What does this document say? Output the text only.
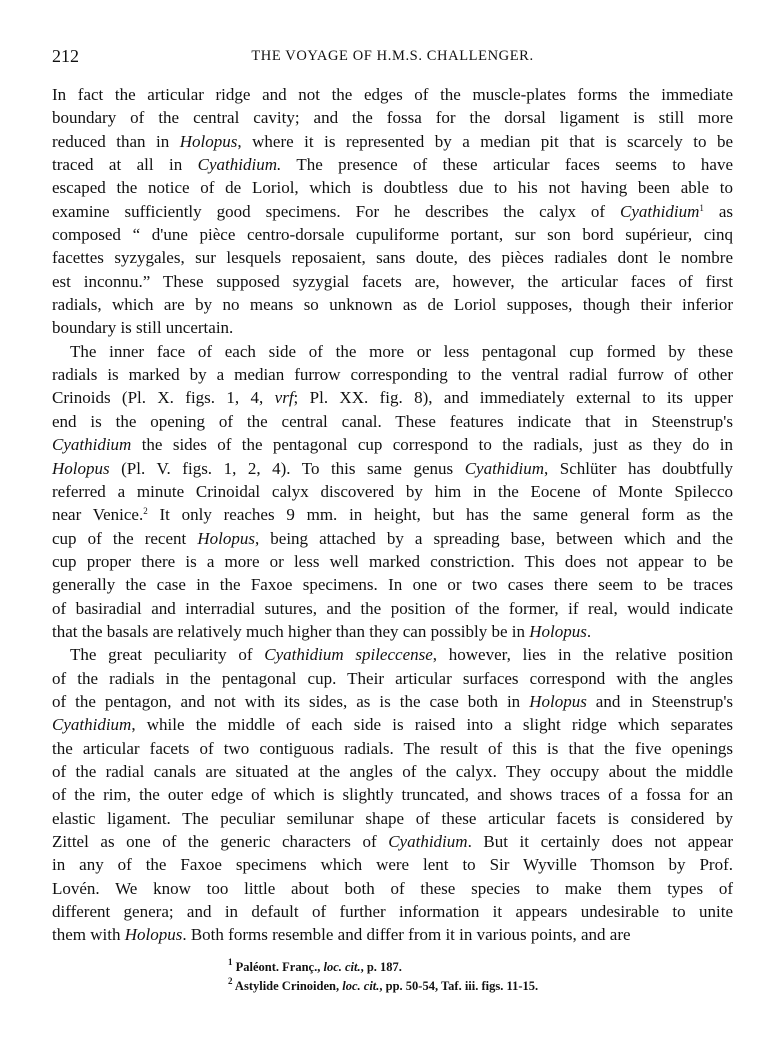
212	THE VOYAGE OF H.M.S. CHALLENGER.
In fact the articular ridge and not the edges of the muscle-plates forms the immediate
boundary of the central cavity; and the fossa for the dorsal ligament is still more
reduced than in Holopus, where it is represented by a median pit that is scarcely to be
traced at all in Cyathidium. The presence of these articular faces seems to have
escaped the notice of de Loriol, which is doubtless due to his not having been able to
examine sufficiently good specimens. For he describes the calyx of Cyathidium$^1$ as
composed “ d'une pièce centro-dorsale cupuliforme portant, sur son bord supérieur, cinq
facettes syzygales, sur lesquels reposaient, sans doute, des pièces radiales dont le nombre
est inconnu.” These supposed syzygial facets are, however, the articular faces of first
radials, which are by no means so unknown as de Loriol supposes, though their inferior
boundary is still uncertain.
The inner face of each side of the more or less pentagonal cup formed by these
radials is marked by a median furrow corresponding to the ventral radial furrow of other
Crinoids (Pl. X. figs. 1, 4, vrf; Pl. XX. fig. 8), and immediately external to its upper
end is the opening of the central canal. These features indicate that in Steenstrup's
Cyathidium the sides of the pentagonal cup correspond to the radials, just as they do in
Holopus (Pl. V. figs. 1, 2, 4). To this same genus Cyathidium, Schlüter has doubtfully
referred a minute Crinoidal calyx discovered by him in the Eocene of Monte Spilecco
near Venice.$^2$ It only reaches 9 mm. in height, but has the same general form as the
cup of the recent Holopus, being attached by a spreading base, between which and the
cup proper there is a more or less well marked constriction. This does not appear to be
generally the case in the Faxoe specimens. In one or two cases there seem to be traces
of basiradial and interradial sutures, and the position of the former, if real, would indicate
that the basals are relatively much higher than they can possibly be in Holopus.
The great peculiarity of Cyathidium spileccense, however, lies in the relative position
of the radials in the pentagonal cup. Their articular surfaces correspond with the angles
of the pentagon, and not with its sides, as is the case both in Holopus and in Steenstrup's
Cyathidium, while the middle of each side is raised into a slight ridge which separates
the articular facets of two contiguous radials. The result of this is that the five openings
of the radial canals are situated at the angles of the calyx. They occupy about the middle
of the rim, the outer edge of which is slightly truncated, and shows traces of a fossa for an
elastic ligament. The peculiar semilunar shape of these articular facets is considered by
Zittel as one of the generic characters of Cyathidium. But it certainly does not appear
in any of the Faxoe specimens which were lent to Sir Wyville Thomson by Prof.
Lovén. We know too little about both of these species to make them types of
different genera; and in default of further information it appears undesirable to unite
them with Holopus. Both forms resemble and differ from it in various points, and are
$^1$ Paléont. Franç., loc. cit., p. 187.
$^2$ Astylide Crinoiden, loc. cit., pp. 50-54, Taf. iii. figs. 11-15.
